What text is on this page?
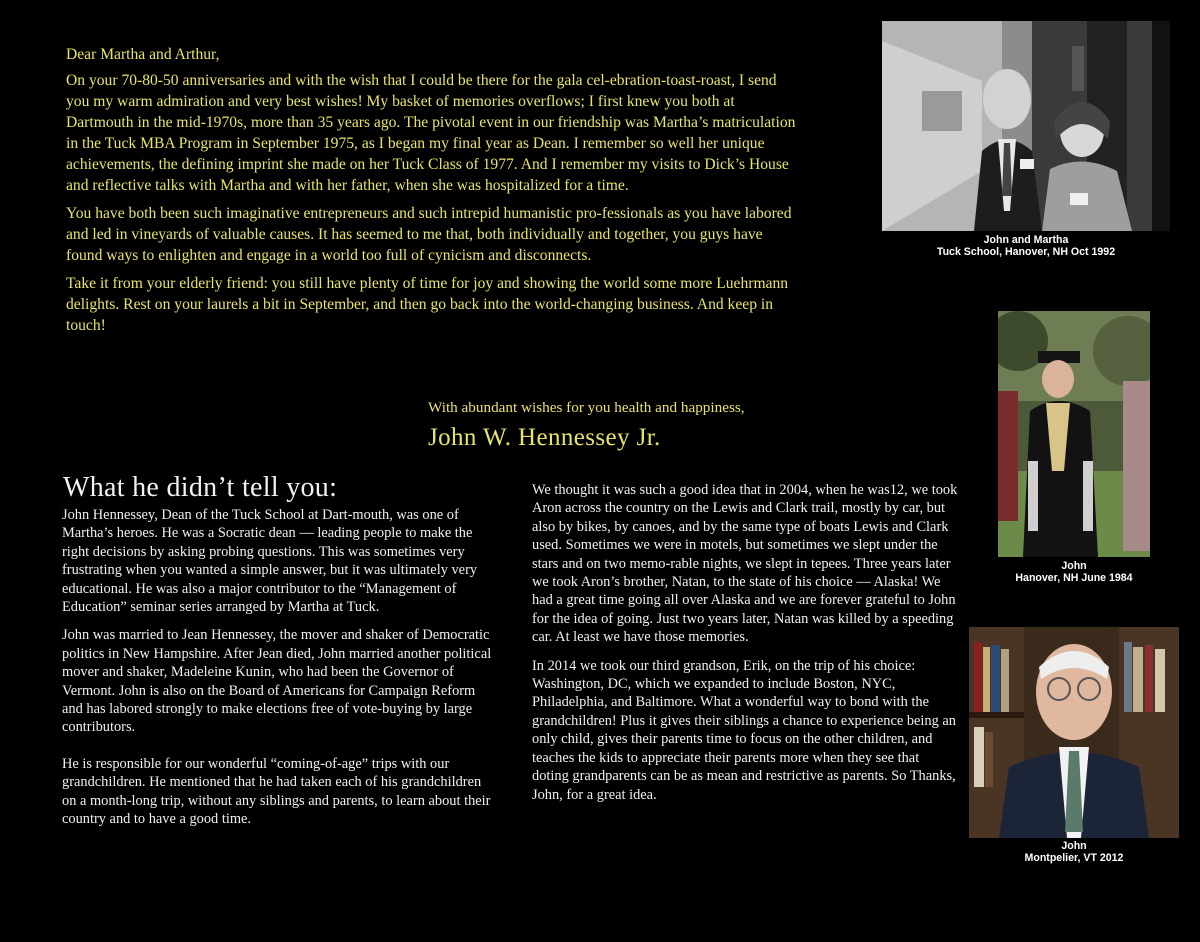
Dear Martha and Arthur,

On your 70-80-50 anniversaries and with the wish that I could be there for the gala cel-ebration-toast-roast, I send you my warm admiration and very best wishes! My basket of memories overflows; I first knew you both at Dartmouth in the mid-1970s, more than 35 years ago. The pivotal event in our friendship was Martha’s matriculation in the Tuck MBA Program in September 1975, as I began my final year as Dean. I remember so well her unique achievements, the defining imprint she made on her Tuck Class of 1977. And I remember my visits to Dick’s House and reflective talks with Martha and with her father, when she was hospitalized for a time.

You have both been such imaginative entrepreneurs and such intrepid humanistic pro-fessionals as you have labored and led in vineyards of valuable causes. It has seemed to me that, both individually and together, you guys have found ways to enlighten and engage in a world too full of cynicism and disconnects.

Take it from your elderly friend: you still have plenty of time for joy and showing the world some more Luehrmann delights. Rest on your laurels a bit in September, and then go back into the world-changing business. And keep in touch!

With abundant wishes for you health and happiness,
John W. Hennessey Jr.
What he didn’t tell you:

John Hennessey, Dean of the Tuck School at Dart-mouth, was one of Martha’s heroes. He was a Socratic dean — leading people to make the right decisions by asking probing questions. This was sometimes very frustrating when you wanted a simple answer, but it was ultimately very educational. He was also a major contributor to the “Management of Education” seminar series arranged by Martha at Tuck.

John was married to Jean Hennessey, the mover and shaker of Democratic politics in New Hampshire. After Jean died, John married another political mover and shaker, Madeleine Kunin, who had been the Governor of Vermont. John is also on the Board of Americans for Campaign Reform and has labored strongly to make elections free of vote-buying by large contributors.

He is responsible for our wonderful “coming-of-age” trips with our grandchildren. He mentioned that he had taken each of his grandchildren on a month-long trip, without any siblings and parents, to learn about their country and to have a good time.

We thought it was such a good idea that in 2004, when he was12, we took Aron across the country on the Lewis and Clark trail, mostly by car, but also by bikes, by canoes, and by the same type of boats Lewis and Clark used. Sometimes we were in motels, but sometimes we slept under the stars and on two memo-rable nights, we slept in tepees. Three years later we took Aron’s brother, Natan, to the state of his choice — Alaska! We had a great time going all over Alaska and we are forever grateful to John for the idea of going. Just two years later, Natan was killed by a speeding car. At least we have those memories.

In 2014 we took our third grandson, Erik, on the trip of his choice: Washington, DC, which we expanded to include Boston, NYC, Philadelphia, and Baltimore. What a wonderful way to bond with the grandchildren! Plus it gives their siblings a chance to experience being an only child, gives their parents time to focus on the other children, and teaches the kids to appreciate their parents more when they see that doting grandparents can be as mean and restrictive as parents. So Thanks, John, for a great idea.

John and Martha
Tuck School, Hanover, NH Oct 1992
John
Hanover, NH June 1984
John
Montpelier, VT 2012
